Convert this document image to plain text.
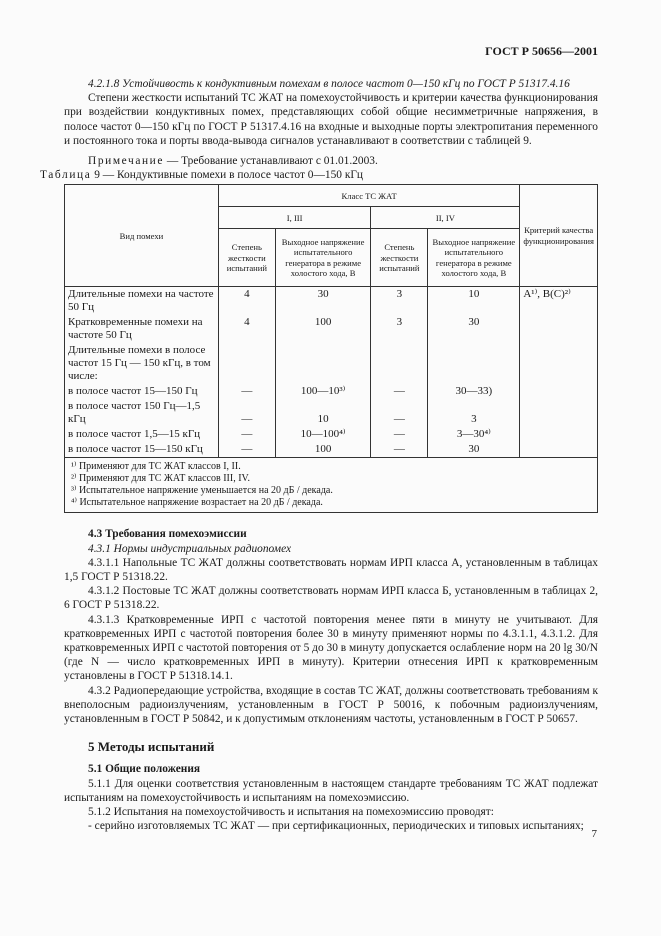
ГОСТ Р 50656—2001

4.2.1.8 Устойчивость к кондуктивным помехам в полосе частот 0—150 кГц по ГОСТ Р 51317.4.16

Степени жесткости испытаний ТС ЖАТ на помехоустойчивость и критерии качества функционирования при воздействии кондуктивных помех, представляющих собой общие несимметричные напряжения, в полосе частот 0—150 кГц по ГОСТ Р 51317.4.16 на входные и выходные порты электропитания переменного и постоянного тока и порты ввода-вывода сигналов устанавливают в соответствии с таблицей 9.

Примечание — Требование устанавливают с 01.01.2003.

Таблица 9 — Кондуктивные помехи в полосе частот 0—150 кГц

Вид помехи	Класс ТС ЖАТ				Критерий качества функционирования
	I, III		II, IV		
	Степень жесткости испытаний	Выходное напряжение испытательного генератора в режиме холостого хода, В	Степень жесткости испытаний	Выходное напряжение испытательного генератора в режиме холостого хода, В	
Длительные помехи на частоте 50 Гц	4	30	3	10	А¹⁾, В(С)²⁾
Кратковременные помехи на частоте 50 Гц	4	100	3	30	
Длительные помехи в полосе частот 15 Гц — 150 кГц, в том числе:					
в полосе частот 15—150 Гц	—	100—10³⁾	—	30—33)	
в полосе частот 150 Гц—1,5 кГц	—	10	—	3	
в полосе частот 1,5—15 кГц	—	10—100⁴⁾	—	3—30⁴⁾	
в полосе частот 15—150 кГц	—	100	—	30	

¹⁾ Применяют для ТС ЖАТ классов I, II.
²⁾ Применяют для ТС ЖАТ классов III, IV.
³⁾ Испытательное напряжение уменьшается на 20 дБ / декада.
⁴⁾ Испытательное напряжение возрастает на 20 дБ / декада.					

4.3 Требования помехоэмиссии

4.3.1 Нормы индустриальных радиопомех

4.3.1.1 Напольные ТС ЖАТ должны соответствовать нормам ИРП класса А, установленным в таблицах 1,5 ГОСТ Р 51318.22.

4.3.1.2 Постовые ТС ЖАТ должны соответствовать нормам ИРП класса Б, установленным в таблицах 2, 6 ГОСТ Р 51318.22.

4.3.1.3 Кратковременные ИРП с частотой повторения менее пяти в минуту не учитывают. Для кратковременных ИРП с частотой повторения более 30 в минуту применяют нормы по 4.3.1.1, 4.3.1.2. Для кратковременных ИРП с частотой повторения от 5 до 30 в минуту допускается ослабление норм на 20 lg 30/N (где N — число кратковременных ИРП в минуту). Критерии отнесения ИРП к кратковременным установлены в ГОСТ Р 51318.14.1.

4.3.2 Радиопередающие устройства, входящие в состав ТС ЖАТ, должны соответствовать требованиям к внеполосным радиоизлучениям, установленным в ГОСТ Р 50016, к побочным радиоизлучениям, установленным в ГОСТ Р 50842, и к допустимым отклонениям частоты, установленным в ГОСТ Р 50657.

5 Методы испытаний

5.1 Общие положения

5.1.1 Для оценки соответствия установленным в настоящем стандарте требованиям ТС ЖАТ подлежат испытаниям на помехоустойчивость и испытаниям на помехоэмиссию.

5.1.2 Испытания на помехоустойчивость и испытания на помехоэмиссию проводят:

- серийно изготовляемых ТС ЖАТ — при сертификационных, периодических и типовых испытаниях;

7
